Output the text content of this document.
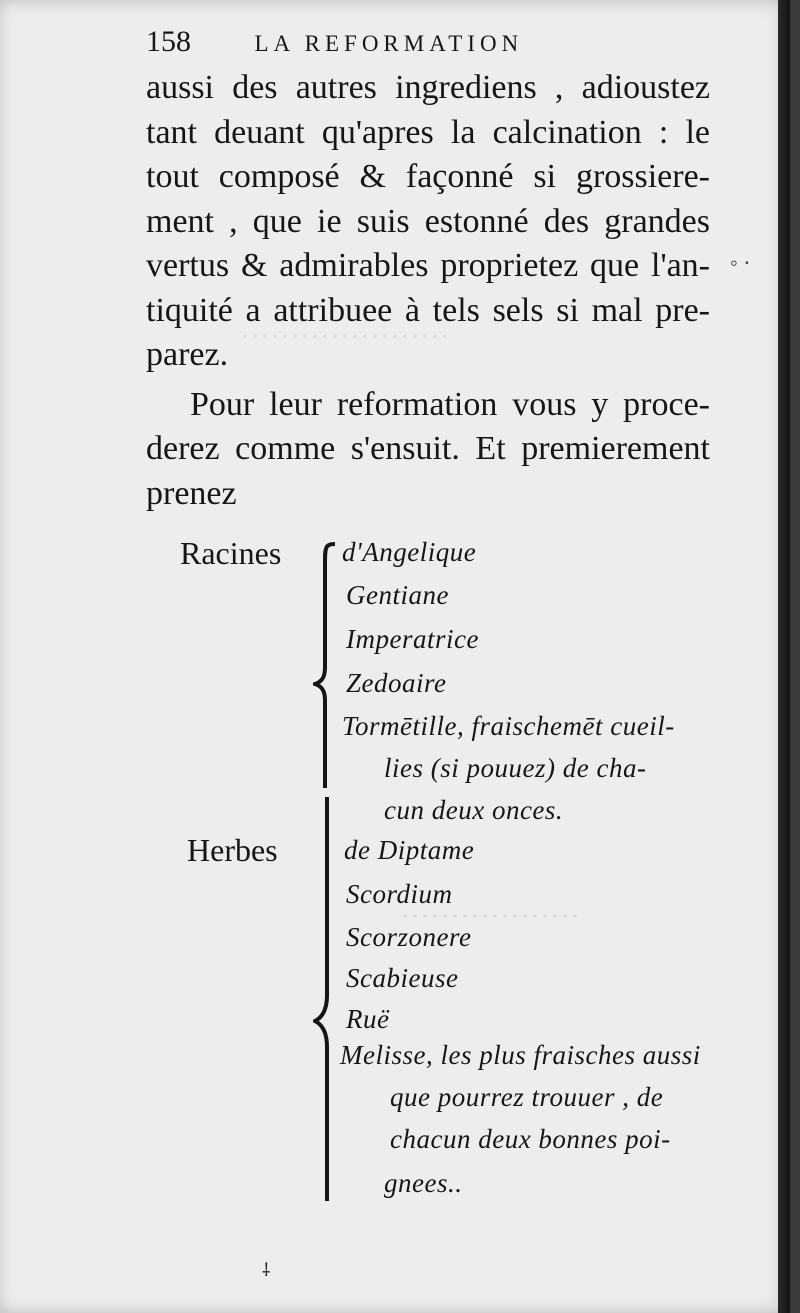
·····················
··················
158	LA REFORMATION
aussi des autres ingrediens , adioustez
tant deuant qu'apres la calcination : le
tout composé & façonné si grossiere-
ment , que ie suis estonné des grandes
vertus & admirables proprietez que l'an-
tiquité a attribuee à tels sels si mal pre-
parez.
Pour leur reformation vous y proce-
derez comme s'ensuit. Et premierement
prenez
Racines d'Angelique
Gentiane
Imperatrice
Zedoaire
Tormētille, fraischemēt cueil-
lies (si pouuez) de cha-
cun deux onces.
Herbes de Diptame
Scordium
Scorzonere
Scabieuse
Ruë
Melisse, les plus fraisches aussi
que pourrez trouuer , de
chacun deux bonnes poi-
gnees..
◦ ·
⸸
